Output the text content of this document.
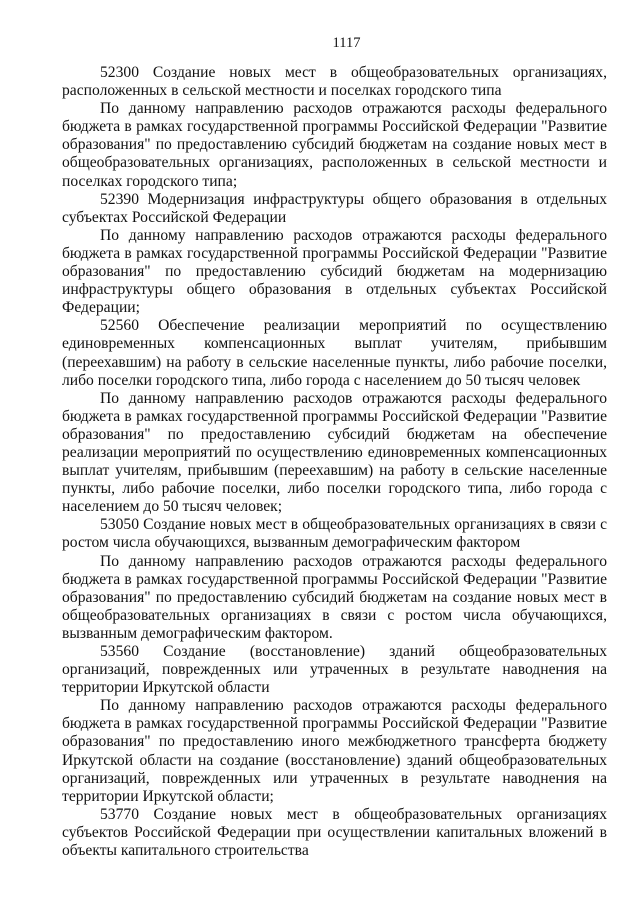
1117

52300 Создание новых мест в общеобразовательных организациях, расположенных в сельской местности и поселках городского типа

По данному направлению расходов отражаются расходы федерального бюджета в рамках государственной программы Российской Федерации "Развитие образования" по предоставлению субсидий бюджетам на создание новых мест в общеобразовательных организациях, расположенных в сельской местности и поселках городского типа;

52390 Модернизация инфраструктуры общего образования в отдельных субъектах Российской Федерации

По данному направлению расходов отражаются расходы федерального бюджета в рамках государственной программы Российской Федерации "Развитие образования" по предоставлению субсидий бюджетам на модернизацию инфраструктуры общего образования в отдельных субъектах Российской Федерации;

52560 Обеспечение реализации мероприятий по осуществлению единовременных компенсационных выплат учителям, прибывшим (переехавшим) на работу в сельские населенные пункты, либо рабочие поселки, либо поселки городского типа, либо города с населением до 50 тысяч человек

По данному направлению расходов отражаются расходы федерального бюджета в рамках государственной программы Российской Федерации "Развитие образования" по предоставлению субсидий бюджетам на обеспечение реализации мероприятий по осуществлению единовременных компенсационных выплат учителям, прибывшим (переехавшим) на работу в сельские населенные пункты, либо рабочие поселки, либо поселки городского типа, либо города с населением до 50 тысяч человек;

53050 Создание новых мест в общеобразовательных организациях в связи с ростом числа обучающихся, вызванным демографическим фактором

По данному направлению расходов отражаются расходы федерального бюджета в рамках государственной программы Российской Федерации "Развитие образования" по предоставлению субсидий бюджетам на создание новых мест в общеобразовательных организациях в связи с ростом числа обучающихся, вызванным демографическим фактором.

53560 Создание (восстановление) зданий общеобразовательных организаций, поврежденных или утраченных в результате наводнения на территории Иркутской области

По данному направлению расходов отражаются расходы федерального бюджета в рамках государственной программы Российской Федерации "Развитие образования" по предоставлению иного межбюджетного трансферта бюджету Иркутской области на создание (восстановление) зданий общеобразовательных организаций, поврежденных или утраченных в результате наводнения на территории Иркутской области;

53770 Создание новых мест в общеобразовательных организациях субъектов Российской Федерации при осуществлении капитальных вложений в объекты капитального строительства
